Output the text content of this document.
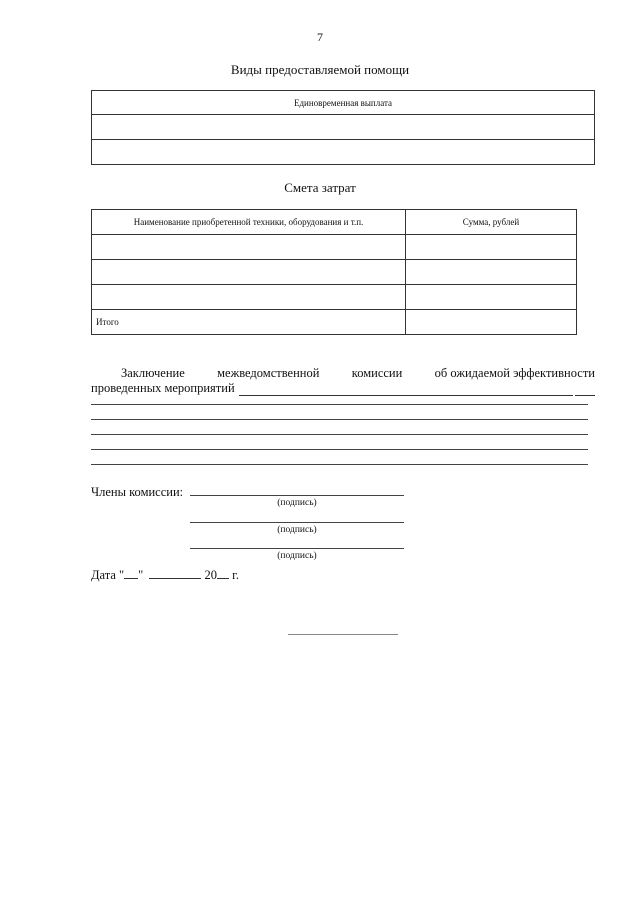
7
Виды предоставляемой помощи
Единовременная выплата

Смета затрат
Наименование приобретенной техники, оборудования и т.п.	Сумма, рублей

Итого	
Заключение	межведомственной	комиссии	об ожидаемой эффективности
проведенных мероприятий
Члены комиссии:
(подпись)
(подпись)
(подпись)
Дата " "	20 г.
